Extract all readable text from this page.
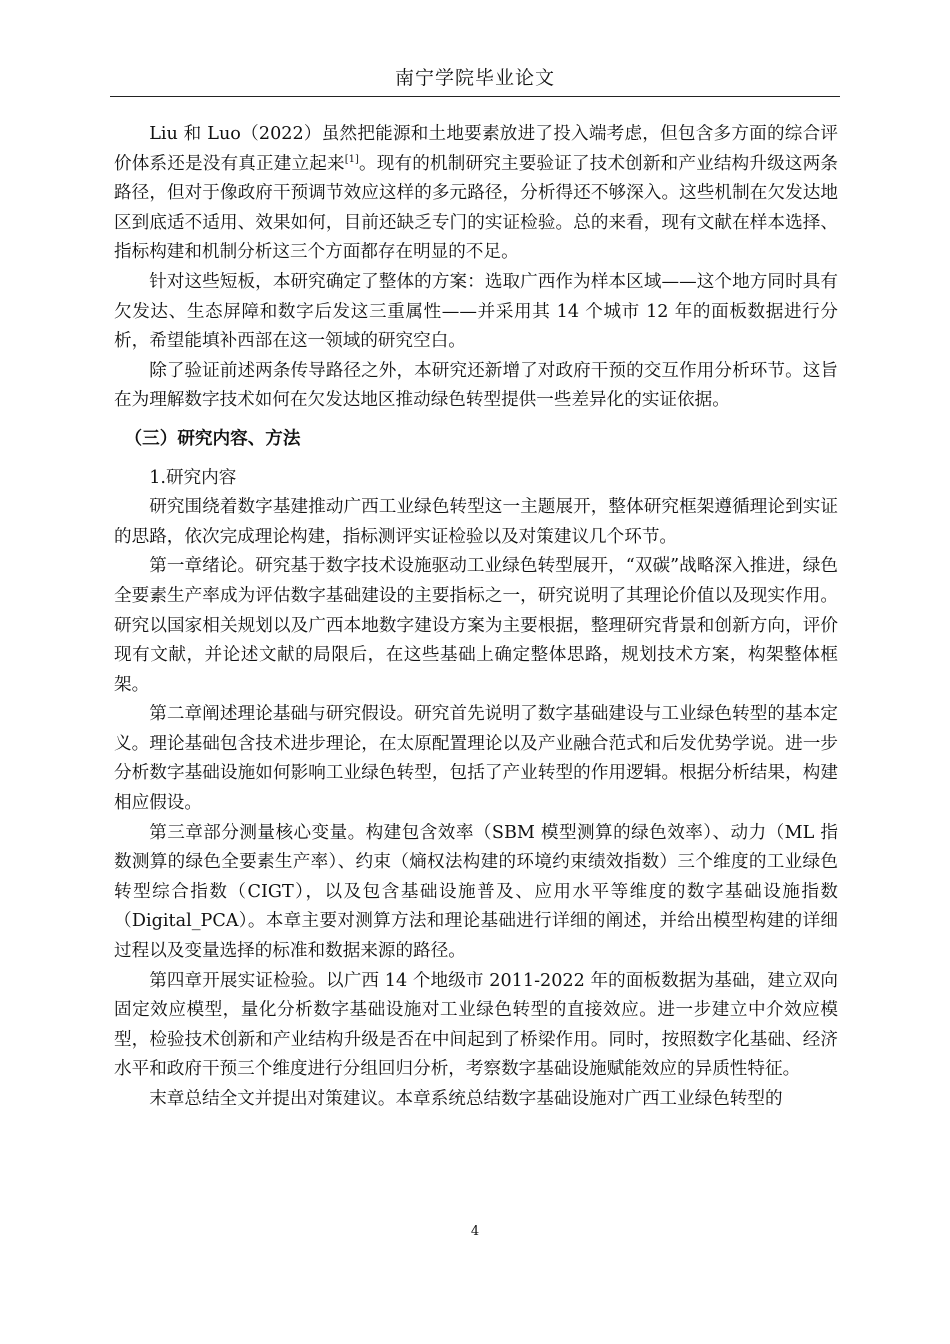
南宁学院毕业论文

Liu 和 Luo（2022）虽然把能源和土地要素放进了投入端考虑，但包含多方面的综合评价体系还是没有真正建立起来[1]。现有的机制研究主要验证了技术创新和产业结构升级这两条路径，但对于像政府干预调节效应这样的多元路径，分析得还不够深入。这些机制在欠发达地区到底适不适用、效果如何，目前还缺乏专门的实证检验。总的来看，现有文献在样本选择、指标构建和机制分析这三个方面都存在明显的不足。

针对这些短板，本研究确定了整体的方案：选取广西作为样本区域——这个地方同时具有欠发达、生态屏障和数字后发这三重属性——并采用其 14 个城市 12 年的面板数据进行分析，希望能填补西部在这一领域的研究空白。

除了验证前述两条传导路径之外，本研究还新增了对政府干预的交互作用分析环节。这旨在为理解数字技术如何在欠发达地区推动绿色转型提供一些差异化的实证依据。

（三）研究内容、方法

1.研究内容

研究围绕着数字基建推动广西工业绿色转型这一主题展开，整体研究框架遵循理论到实证的思路，依次完成理论构建，指标测评实证检验以及对策建议几个环节。

第一章绪论。研究基于数字技术设施驱动工业绿色转型展开，“双碳”战略深入推进，绿色全要素生产率成为评估数字基础建设的主要指标之一，研究说明了其理论价值以及现实作用。研究以国家相关规划以及广西本地数字建设方案为主要根据，整理研究背景和创新方向，评价现有文献，并论述文献的局限后，在这些基础上确定整体思路，规划技术方案，构架整体框架。

第二章阐述理论基础与研究假设。研究首先说明了数字基础建设与工业绿色转型的基本定义。理论基础包含技术进步理论，在太原配置理论以及产业融合范式和后发优势学说。进一步分析数字基础设施如何影响工业绿色转型，包括了产业转型的作用逻辑。根据分析结果，构建相应假设。

第三章部分测量核心变量。构建包含效率（SBM 模型测算的绿色效率）、动力（ML 指数测算的绿色全要素生产率）、约束（熵权法构建的环境约束绩效指数）三个维度的工业绿色转型综合指数（CIGT），以及包含基础设施普及、应用水平等维度的数字基础设施指数（Digital_PCA）。本章主要对测算方法和理论基础进行详细的阐述，并给出模型构建的详细过程以及变量选择的标准和数据来源的路径。

第四章开展实证检验。以广西 14 个地级市 2011-2022 年的面板数据为基础，建立双向固定效应模型，量化分析数字基础设施对工业绿色转型的直接效应。进一步建立中介效应模型，检验技术创新和产业结构升级是否在中间起到了桥梁作用。同时，按照数字化基础、经济水平和政府干预三个维度进行分组回归分析，考察数字基础设施赋能效应的异质性特征。

末章总结全文并提出对策建议。本章系统总结数字基础设施对广西工业绿色转型的

4
